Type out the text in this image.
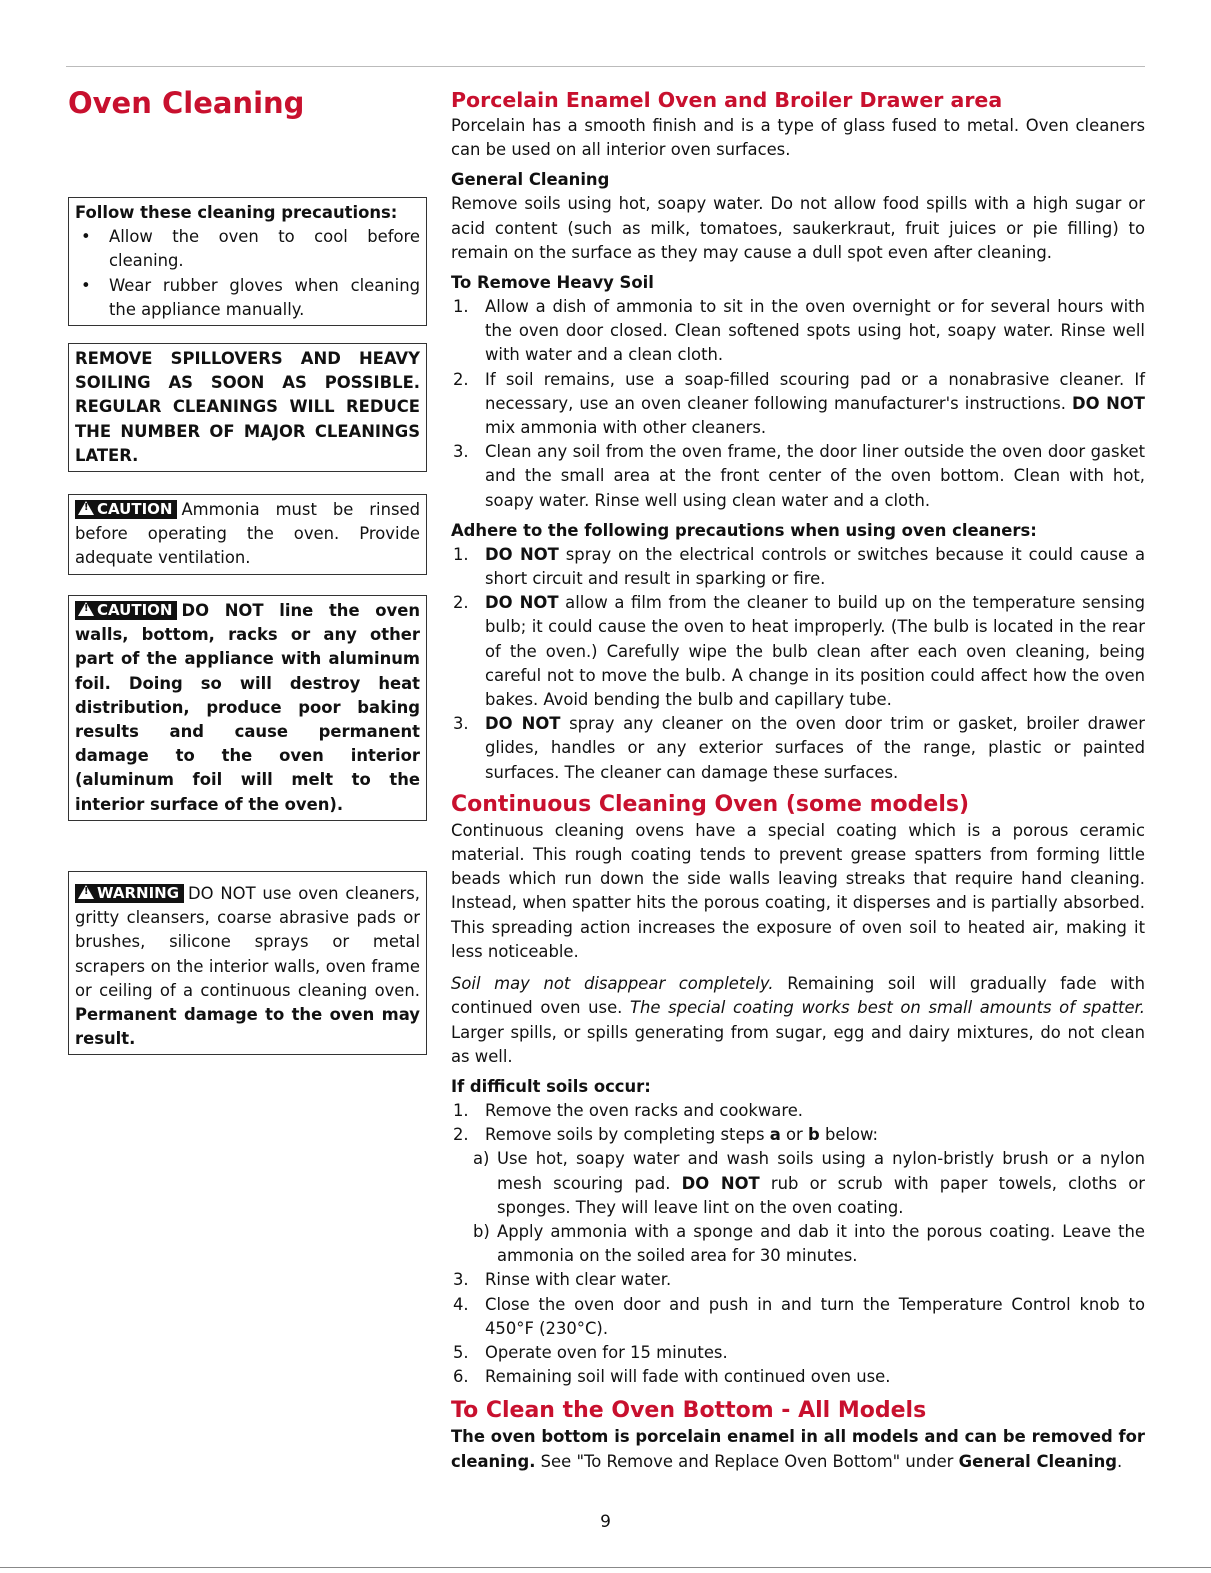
Oven Cleaning
Follow these cleaning precautions:
• Allow the oven to cool before cleaning.
• Wear rubber gloves when cleaning the appliance manually.
REMOVE SPILLOVERS AND HEAVY SOILING AS SOON AS POSSIBLE. REGULAR CLEANINGS WILL REDUCE THE NUMBER OF MAJOR CLEANINGS LATER.
!CAUTION Ammonia must be rinsed before operating the oven. Provide adequate ventilation.
!CAUTION DO NOT line the oven walls, bottom, racks or any other part of the appliance with aluminum foil. Doing so will destroy heat distribution, produce poor baking results and cause permanent damage to the oven interior (aluminum foil will melt to the interior surface of the oven).
!WARNING DO NOT use oven cleaners, gritty cleansers, coarse abrasive pads or brushes, silicone sprays or metal scrapers on the interior walls, oven frame or ceiling of a continuous cleaning oven. Permanent damage to the oven may result.
Porcelain Enamel Oven and Broiler Drawer area

Porcelain has a smooth finish and is a type of glass fused to metal. Oven cleaners can be used on all interior oven surfaces.

General Cleaning

Remove soils using hot, soapy water. Do not allow food spills with a high sugar or acid content (such as milk, tomatoes, saukerkraut, fruit juices or pie filling) to remain on the surface as they may cause a dull spot even after cleaning.

To Remove Heavy Soil
1. Allow a dish of ammonia to sit in the oven overnight or for several hours with the oven door closed. Clean softened spots using hot, soapy water. Rinse well with water and a clean cloth.
2. If soil remains, use a soap-filled scouring pad or a nonabrasive cleaner. If necessary, use an oven cleaner following manufacturer's instructions. DO NOT mix ammonia with other cleaners.
3. Clean any soil from the oven frame, the door liner outside the oven door gasket and the small area at the front center of the oven bottom. Clean with hot, soapy water. Rinse well using clean water and a cloth.
Adhere to the following precautions when using oven cleaners:
1. DO NOT spray on the electrical controls or switches because it could cause a short circuit and result in sparking or fire.
2. DO NOT allow a film from the cleaner to build up on the temperature sensing bulb; it could cause the oven to heat improperly. (The bulb is located in the rear of the oven.) Carefully wipe the bulb clean after each oven cleaning, being careful not to move the bulb. A change in its position could affect how the oven bakes. Avoid bending the bulb and capillary tube.
3. DO NOT spray any cleaner on the oven door trim or gasket, broiler drawer glides, handles or any exterior surfaces of the range, plastic or painted surfaces. The cleaner can damage these surfaces.
Continuous Cleaning Oven (some models)

Continuous cleaning ovens have a special coating which is a porous ceramic material. This rough coating tends to prevent grease spatters from forming little beads which run down the side walls leaving streaks that require hand cleaning. Instead, when spatter hits the porous coating, it disperses and is partially absorbed. This spreading action increases the exposure of oven soil to heated air, making it less noticeable.

Soil may not disappear completely. Remaining soil will gradually fade with continued oven use. The special coating works best on small amounts of spatter. Larger spills, or spills generating from sugar, egg and dairy mixtures, do not clean as well.

If difficult soils occur:
1. Remove the oven racks and cookware.
2. Remove soils by completing steps a or b below:
a) Use hot, soapy water and wash soils using a nylon-bristly brush or a nylon mesh scouring pad. DO NOT rub or scrub with paper towels, cloths or sponges. They will leave lint on the oven coating.
b) Apply ammonia with a sponge and dab it into the porous coating. Leave the ammonia on the soiled area for 30 minutes.
3. Rinse with clear water.
4. Close the oven door and push in and turn the Temperature Control knob to 450°F (230°C).
5. Operate oven for 15 minutes.
6. Remaining soil will fade with continued oven use.
To Clean the Oven Bottom - All Models

The oven bottom is porcelain enamel in all models and can be removed for cleaning. See "To Remove and Replace Oven Bottom" under General Cleaning.

9
